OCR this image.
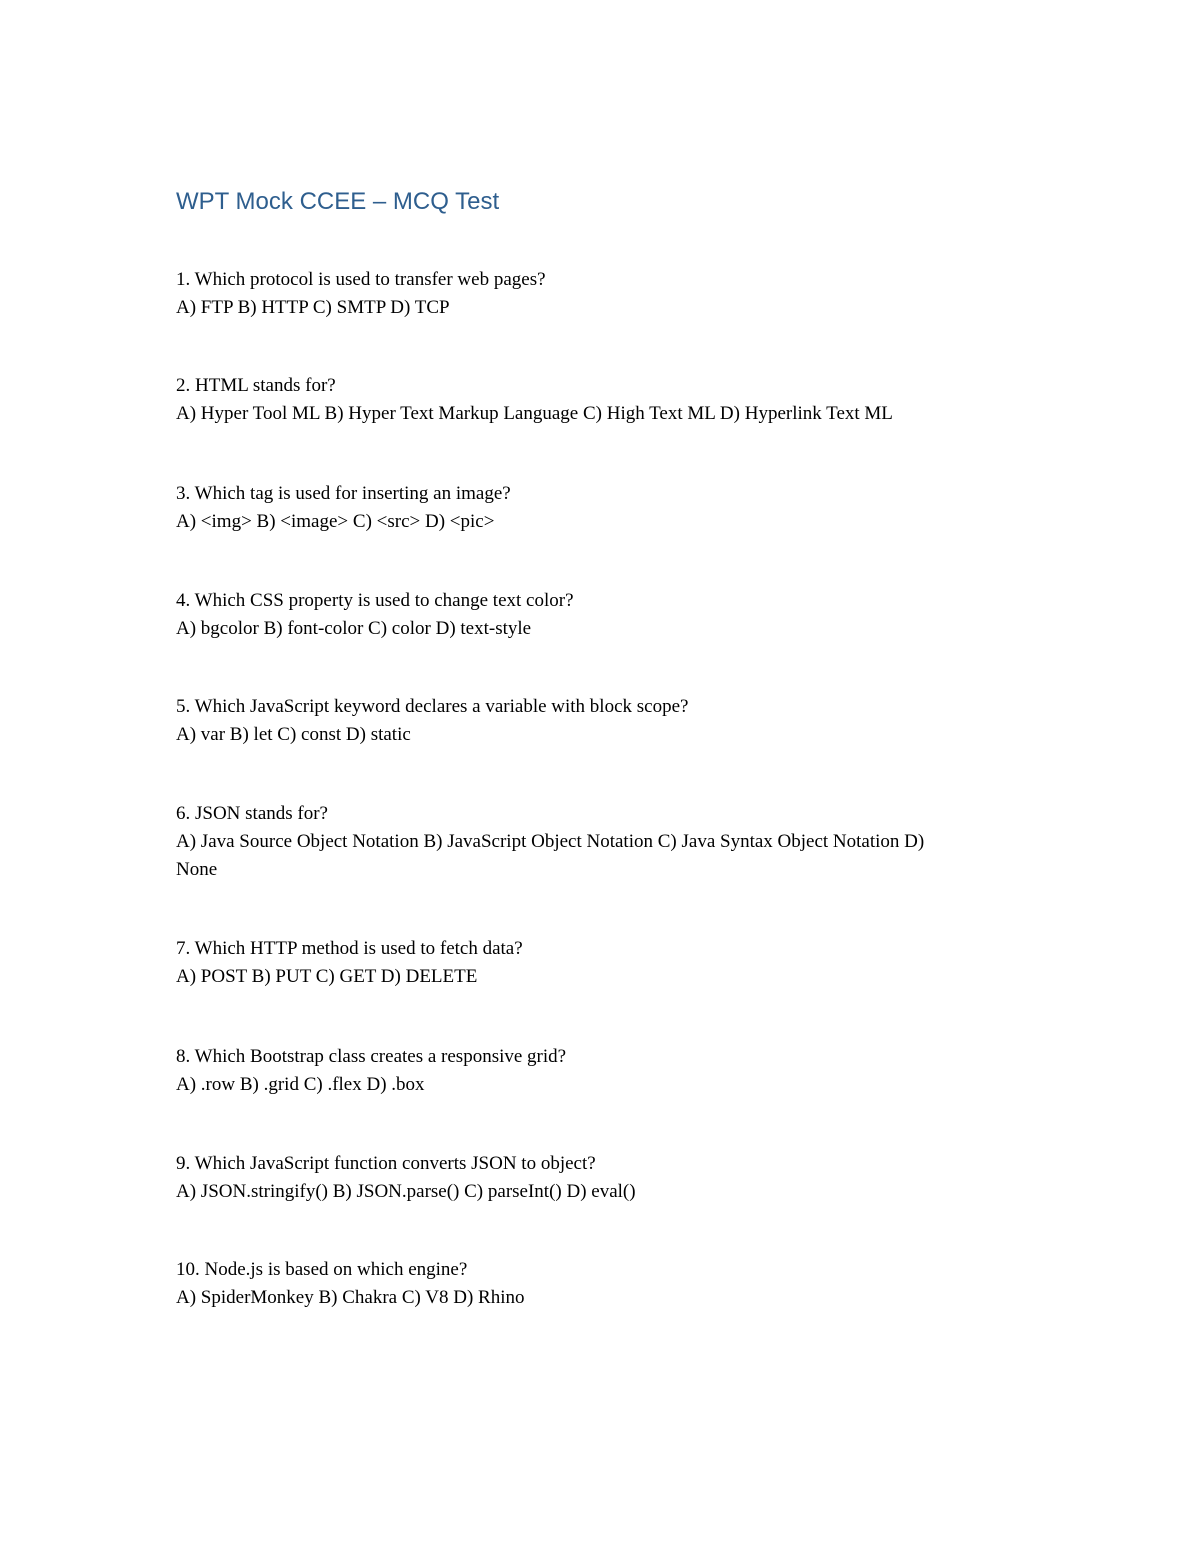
WPT Mock CCEE – MCQ Test
1. Which protocol is used to transfer web pages?
A) FTP B) HTTP C) SMTP D) TCP
2. HTML stands for?
A) Hyper Tool ML B) Hyper Text Markup Language C) High Text ML D) Hyperlink Text ML
3. Which tag is used for inserting an image?
A) <img> B) <image> C) <src> D) <pic>
4. Which CSS property is used to change text color?
A) bgcolor B) font-color C) color D) text-style
5. Which JavaScript keyword declares a variable with block scope?
A) var B) let C) const D) static
6. JSON stands for?
A) Java Source Object Notation B) JavaScript Object Notation C) Java Syntax Object Notation D) None
7. Which HTTP method is used to fetch data?
A) POST B) PUT C) GET D) DELETE
8. Which Bootstrap class creates a responsive grid?
A) .row B) .grid C) .flex D) .box
9. Which JavaScript function converts JSON to object?
A) JSON.stringify() B) JSON.parse() C) parseInt() D) eval()
10. Node.js is based on which engine?
A) SpiderMonkey B) Chakra C) V8 D) Rhino
